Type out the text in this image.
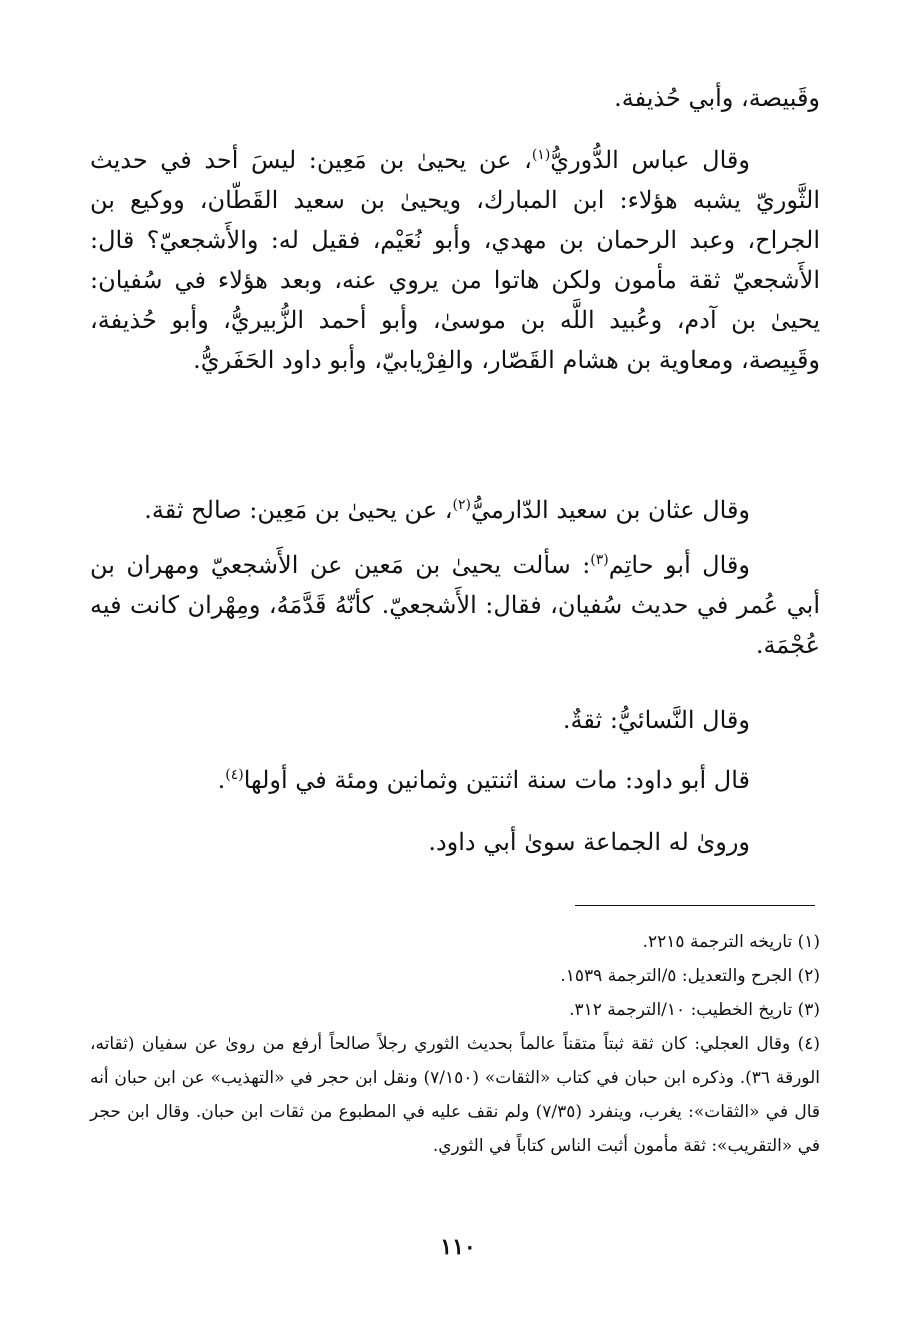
وقَبيصة، وأبي حُذيفة.

وقال عباس الدُّوريُّ$^{(١)}$، عن يحيىٰ بن مَعِين: ليسَ أحد في حديث الثَّوريّ يشبه هؤلاء: ابن المبارك، ويحيىٰ بن سعيد القَطّان، ووكيع بن الجراح، وعبد الرحمان بن مهدي، وأبو نُعَيْم، فقيل له: والأَشجعيّ؟ قال: الأَشجعيّ ثقة مأمون ولكن هاتوا من يروي عنه، وبعد هؤلاء في سُفيان: يحيىٰ بن آدم، وعُبيد اللَّه بن موسىٰ، وأبو أحمد الزُّبيريُّ، وأبو حُذيفة، وقَبِيصة، ومعاوية بن هشام القَصّار، والفِرْيابيّ، وأبو داود الحَفَريُّ.

وقال عثان بن سعيد الدّارميُّ$^{(٢)}$، عن يحيىٰ بن مَعِين: صالح ثقة.

وقال أبو حاتِم$^{(٣)}$: سألت يحيىٰ بن مَعين عن الأَشجعيّ ومهران بن أبي عُمر في حديث سُفيان، فقال: الأَشجعيّ. كأنّهُ قَدَّمَهُ، ومِهْران كانت فيه عُجْمَة.

وقال النَّسائيُّ: ثقةٌ.

قال أبو داود: مات سنة اثنتين وثمانين ومئة في أولها$^{(٤)}$.

وروىٰ له الجماعة سوىٰ أبي داود.

(١) تاريخه الترجمة ٢٢١٥.

(٢) الجرح والتعديل: ٥/الترجمة ١٥٣٩.

(٣) تاريخ الخطيب: ١٠/الترجمة ٣١٢.

(٤) وقال العجلي: كان ثقة ثبتاً متقناً عالماً بحديث الثوري رجلاً صالحاً أرفع من روىٰ عن سفيان (ثقاته، الورقة ٣٦). وذكره ابن حبان في كتاب «الثقات» (٧/١٥٠) ونقل ابن حجر في «التهذيب» عن ابن حبان أنه قال في «الثقات»: يغرب، وينفرد (٧/٣٥) ولم نقف عليه في المطبوع من ثقات ابن حبان. وقال ابن حجر في «التقريب»: ثقة مأمون أثبت الناس كتاباً في الثوري.

١١٠
